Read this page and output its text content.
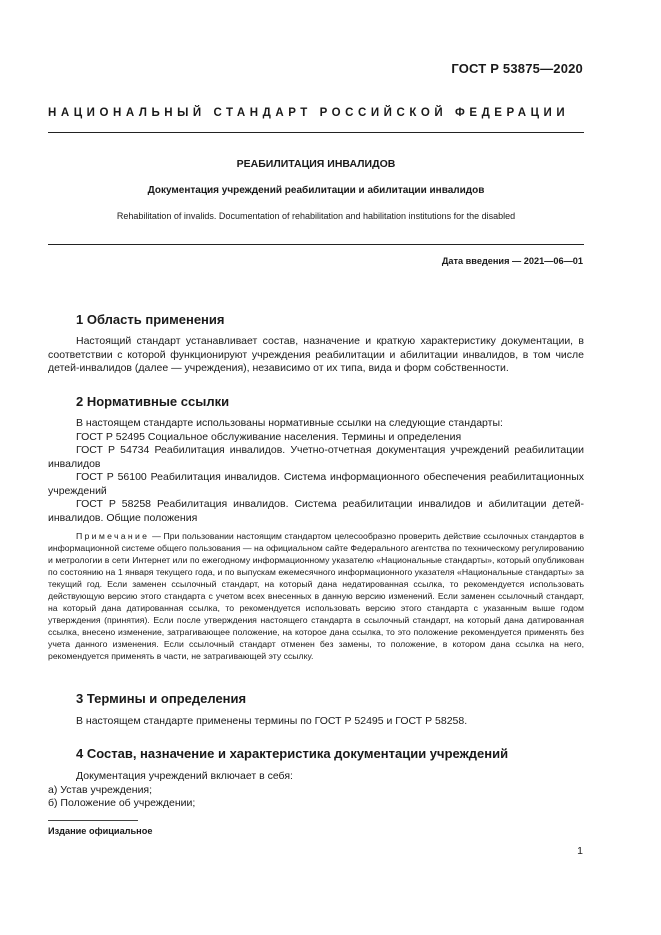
ГОСТ Р 53875—2020
НАЦИОНАЛЬНЫЙ СТАНДАРТ РОССИЙСКОЙ ФЕДЕРАЦИИ
РЕАБИЛИТАЦИЯ ИНВАЛИДОВ
Документация учреждений реабилитации и абилитации инвалидов
Rehabilitation of invalids. Documentation of rehabilitation and habilitation institutions for the disabled
Дата введения — 2021—06—01
1 Область применения

Настоящий стандарт устанавливает состав, назначение и краткую характеристику документации, в соответствии с которой функционируют учреждения реабилитации и абилитации инвалидов, в том числе детей-инвалидов (далее — учреждения), независимо от их типа, вида и форм собственности.

2 Нормативные ссылки

В настоящем стандарте использованы нормативные ссылки на следующие стандарты:

ГОСТ Р 52495 Социальное обслуживание населения. Термины и определения

ГОСТ Р 54734 Реабилитация инвалидов. Учетно-отчетная документация учреждений реабилитации инвалидов

ГОСТ Р 56100 Реабилитация инвалидов. Система информационного обеспечения реабилитационных учреждений

ГОСТ Р 58258 Реабилитация инвалидов. Система реабилитации инвалидов и абилитации детей-инвалидов. Общие положения

Примечание — При пользовании настоящим стандартом целесообразно проверить действие ссылочных стандартов в информационной системе общего пользования — на официальном сайте Федерального агентства по техническому регулированию и метрологии в сети Интернет или по ежегодному информационному указателю «Национальные стандарты», который опубликован по состоянию на 1 января текущего года, и по выпускам ежемесячного информационного указателя «Национальные стандарты» за текущий год. Если заменен ссылочный стандарт, на который дана недатированная ссылка, то рекомендуется использовать действующую версию этого стандарта с учетом всех внесенных в данную версию изменений. Если заменен ссылочный стандарт, на который дана датированная ссылка, то рекомендуется использовать версию этого стандарта с указанным выше годом утверждения (принятия). Если после утверждения настоящего стандарта в ссылочный стандарт, на который дана датированная ссылка, внесено изменение, затрагивающее положение, на которое дана ссылка, то это положение рекомендуется применять без учета данного изменения. Если ссылочный стандарт отменен без замены, то положение, в котором дана ссылка на него, рекомендуется применять в части, не затрагивающей эту ссылку.

3 Термины и определения

В настоящем стандарте применены термины по ГОСТ Р 52495 и ГОСТ Р 58258.

4 Состав, назначение и характеристика документации учреждений

Документация учреждений включает в себя:

а) Устав учреждения;

б) Положение об учреждении;

Издание официальное
1
